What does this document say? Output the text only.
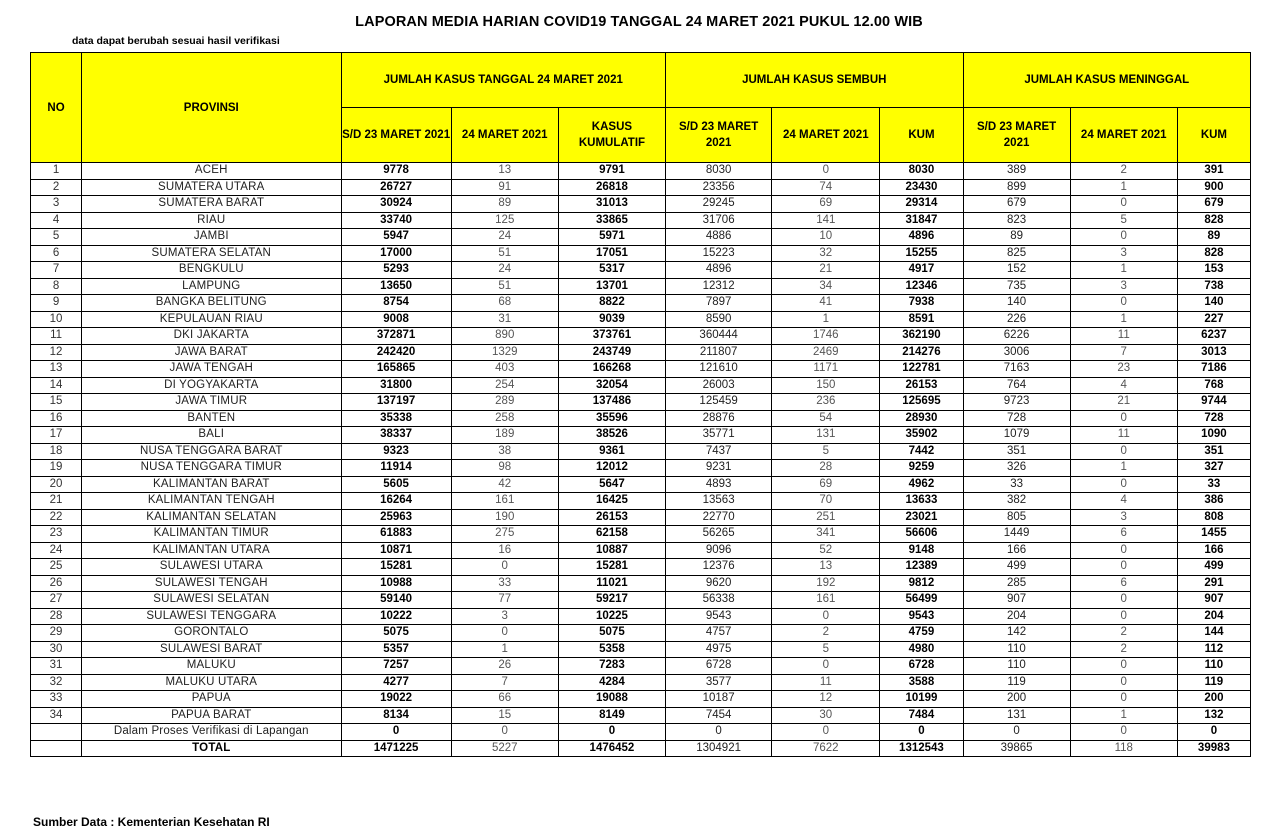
LAPORAN MEDIA HARIAN COVID19 TANGGAL 24 MARET 2021 PUKUL 12.00 WIB
data dapat berubah sesuai hasil verifikasi
NO	PROVINSI	JUMLAH KASUS TANGGAL 24 MARET 2021			JUMLAH KASUS SEMBUH			JUMLAH KASUS MENINGGAL		
		S/D 23 MARET 2021	24 MARET 2021	KASUS KUMULATIF	S/D 23 MARET 2021	24 MARET 2021	KUM	S/D 23 MARET 2021	24 MARET 2021	KUM
1	ACEH	9778	13	9791	8030	0	8030	389	2	391
2	SUMATERA UTARA	26727	91	26818	23356	74	23430	899	1	900
3	SUMATERA BARAT	30924	89	31013	29245	69	29314	679	0	679
4	RIAU	33740	125	33865	31706	141	31847	823	5	828
5	JAMBI	5947	24	5971	4886	10	4896	89	0	89
6	SUMATERA SELATAN	17000	51	17051	15223	32	15255	825	3	828
7	BENGKULU	5293	24	5317	4896	21	4917	152	1	153
8	LAMPUNG	13650	51	13701	12312	34	12346	735	3	738
9	BANGKA BELITUNG	8754	68	8822	7897	41	7938	140	0	140
10	KEPULAUAN RIAU	9008	31	9039	8590	1	8591	226	1	227
11	DKI JAKARTA	372871	890	373761	360444	1746	362190	6226	11	6237
12	JAWA BARAT	242420	1329	243749	211807	2469	214276	3006	7	3013
13	JAWA TENGAH	165865	403	166268	121610	1171	122781	7163	23	7186
14	DI YOGYAKARTA	31800	254	32054	26003	150	26153	764	4	768
15	JAWA TIMUR	137197	289	137486	125459	236	125695	9723	21	9744
16	BANTEN	35338	258	35596	28876	54	28930	728	0	728
17	BALI	38337	189	38526	35771	131	35902	1079	11	1090
18	NUSA TENGGARA BARAT	9323	38	9361	7437	5	7442	351	0	351
19	NUSA TENGGARA TIMUR	11914	98	12012	9231	28	9259	326	1	327
20	KALIMANTAN BARAT	5605	42	5647	4893	69	4962	33	0	33
21	KALIMANTAN TENGAH	16264	161	16425	13563	70	13633	382	4	386
22	KALIMANTAN SELATAN	25963	190	26153	22770	251	23021	805	3	808
23	KALIMANTAN TIMUR	61883	275	62158	56265	341	56606	1449	6	1455
24	KALIMANTAN UTARA	10871	16	10887	9096	52	9148	166	0	166
25	SULAWESI UTARA	15281	0	15281	12376	13	12389	499	0	499
26	SULAWESI TENGAH	10988	33	11021	9620	192	9812	285	6	291
27	SULAWESI SELATAN	59140	77	59217	56338	161	56499	907	0	907
28	SULAWESI TENGGARA	10222	3	10225	9543	0	9543	204	0	204
29	GORONTALO	5075	0	5075	4757	2	4759	142	2	144
30	SULAWESI BARAT	5357	1	5358	4975	5	4980	110	2	112
31	MALUKU	7257	26	7283	6728	0	6728	110	0	110
32	MALUKU UTARA	4277	7	4284	3577	11	3588	119	0	119
33	PAPUA	19022	66	19088	10187	12	10199	200	0	200
34	PAPUA BARAT	8134	15	8149	7454	30	7484	131	1	132
	Dalam Proses Verifikasi di Lapangan	0	0	0	0	0	0	0	0	0
	TOTAL	1471225	5227	1476452	1304921	7622	1312543	39865	118	39983
Sumber Data : Kementerian Kesehatan RI
